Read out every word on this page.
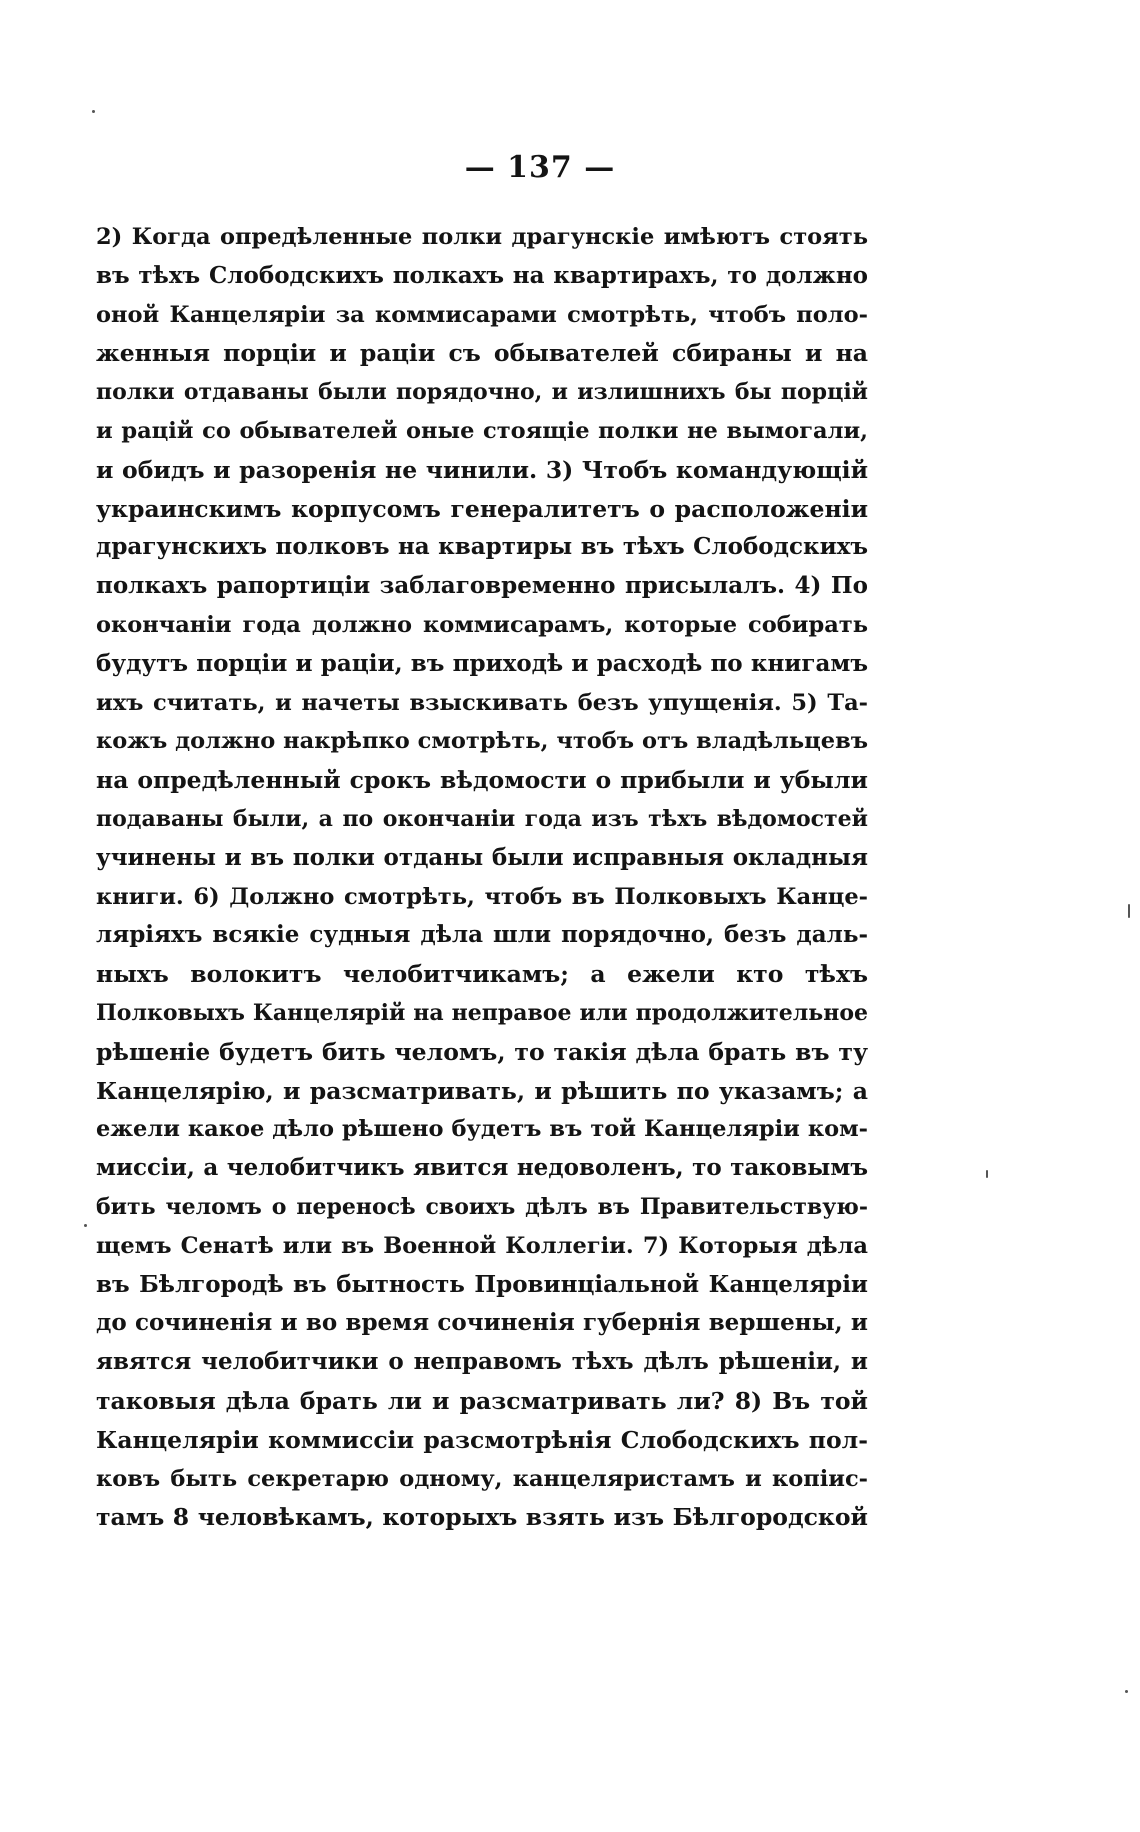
— 137 —
2) Когда опредѣленные полки драгунскіе имѣютъ стоять
въ тѣхъ Слободскихъ полкахъ на квартирахъ, то должно
оной Канцеляріи за коммисарами смотрѣть, чтобъ поло-
женныя порціи и раціи съ обывателей сбираны и на
полки отдаваны были порядочно, и излишнихъ бы порцій
и рацій со обывателей оные стоящіе полки не вымогали,
и обидъ и разоренія не чинили. 3) Чтобъ командующій
украинскимъ корпусомъ генералитетъ о расположеніи
драгунскихъ полковъ на квартиры въ тѣхъ Слободскихъ
полкахъ рапортиціи заблаговременно присылалъ. 4) По
окончаніи года должно коммисарамъ, которые собирать
будутъ порціи и раціи, въ приходѣ и расходѣ по книгамъ
ихъ считать, и начеты взыскивать безъ упущенія. 5) Та-
кожъ должно накрѣпко смотрѣть, чтобъ отъ владѣльцевъ
на опредѣленный срокъ вѣдомости о прибыли и убыли
подаваны были, а по окончаніи года изъ тѣхъ вѣдомостей
учинены и въ полки отданы были исправныя окладныя
книги. 6) Должно смотрѣть, чтобъ въ Полковыхъ Канце-
ляріяхъ всякіе судныя дѣла шли порядочно, безъ даль-
ныхъ волокитъ челобитчикамъ; а ежели кто тѣхъ
Полковыхъ Канцелярій на неправое или продолжительное
рѣшеніе будетъ бить челомъ, то такія дѣла брать въ ту
Канцелярію, и разсматривать, и рѣшить по указамъ; а
ежели какое дѣло рѣшено будетъ въ той Канцеляріи ком-
миссіи, а челобитчикъ явится недоволенъ, то таковымъ
бить челомъ о переносѣ своихъ дѣлъ въ Правительствую-
щемъ Сенатѣ или въ Военной Коллегіи. 7) Которыя дѣла
въ Бѣлгородѣ въ бытность Провинціальной Канцеляріи
до сочиненія и во время сочиненія губернія вершены, и
явятся челобитчики о неправомъ тѣхъ дѣлъ рѣшеніи, и
таковыя дѣла брать ли и разсматривать ли? 8) Въ той
Канцеляріи коммиссіи разсмотрѣнія Слободскихъ пол-
ковъ быть секретарю одному, канцеляристамъ и копіис-
тамъ 8 человѣкамъ, которыхъ взять изъ Бѣлгородской
